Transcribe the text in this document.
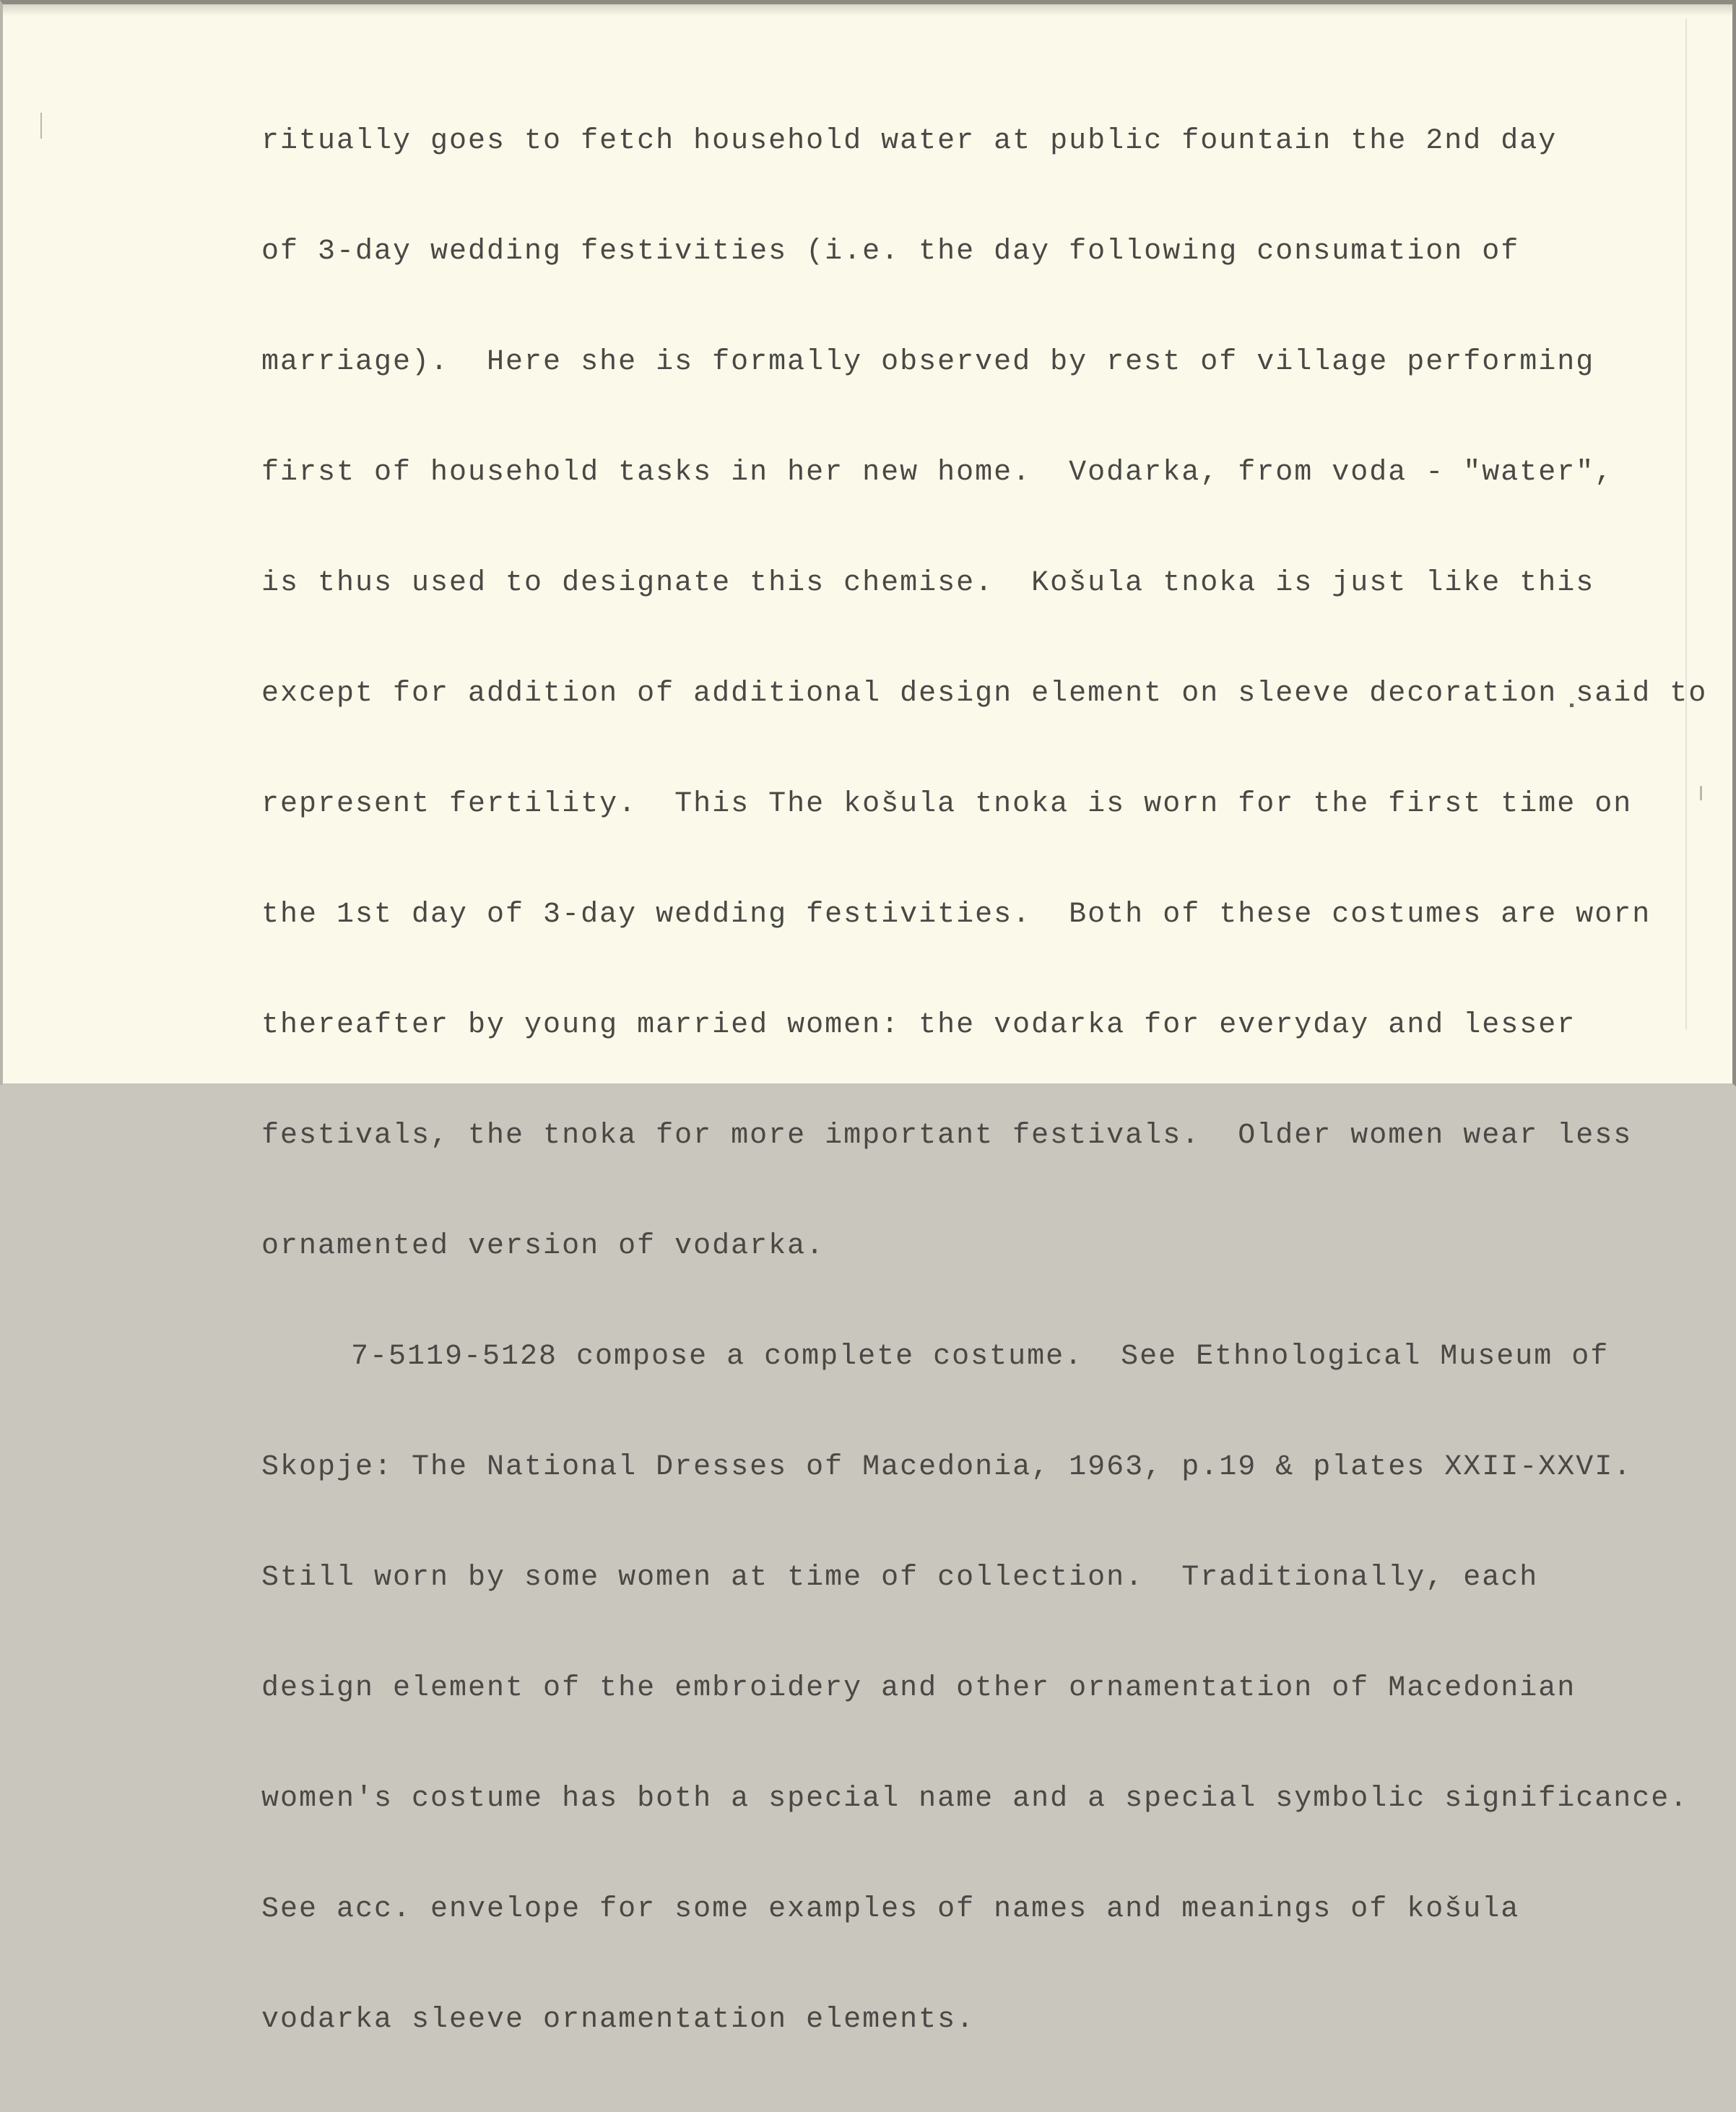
ritually goes to fetch household water at public fountain the 2nd day

of 3-day wedding festivities (i.e. the day following consumation of

marriage).  Here she is formally observed by rest of village performing

first of household tasks in her new home.  Vodarka, from voda - "water",

is thus used to designate this chemise.  Košula tnoka is just like this

except for addition of additional design element on sleeve decoration said to

represent fertility.  This The košula tnoka is worn for the first time on

the 1st day of 3-day wedding festivities.  Both of these costumes are worn

thereafter by young married women: the vodarka for everyday and lesser

festivals, the tnoka for more important festivals.  Older women wear less

ornamented version of vodarka.

7-5119-5128 compose a complete costume.  See Ethnological Museum of

Skopje: The National Dresses of Macedonia, 1963, p.19 & plates XXII-XXVI.

Still worn by some women at time of collection.  Traditionally, each

design element of the embroidery and other ornamentation of Macedonian

women's costume has both a special name and a special symbolic significance.

See acc. envelope for some examples of names and meanings of košula

vodarka sleeve ornamentation elements.
